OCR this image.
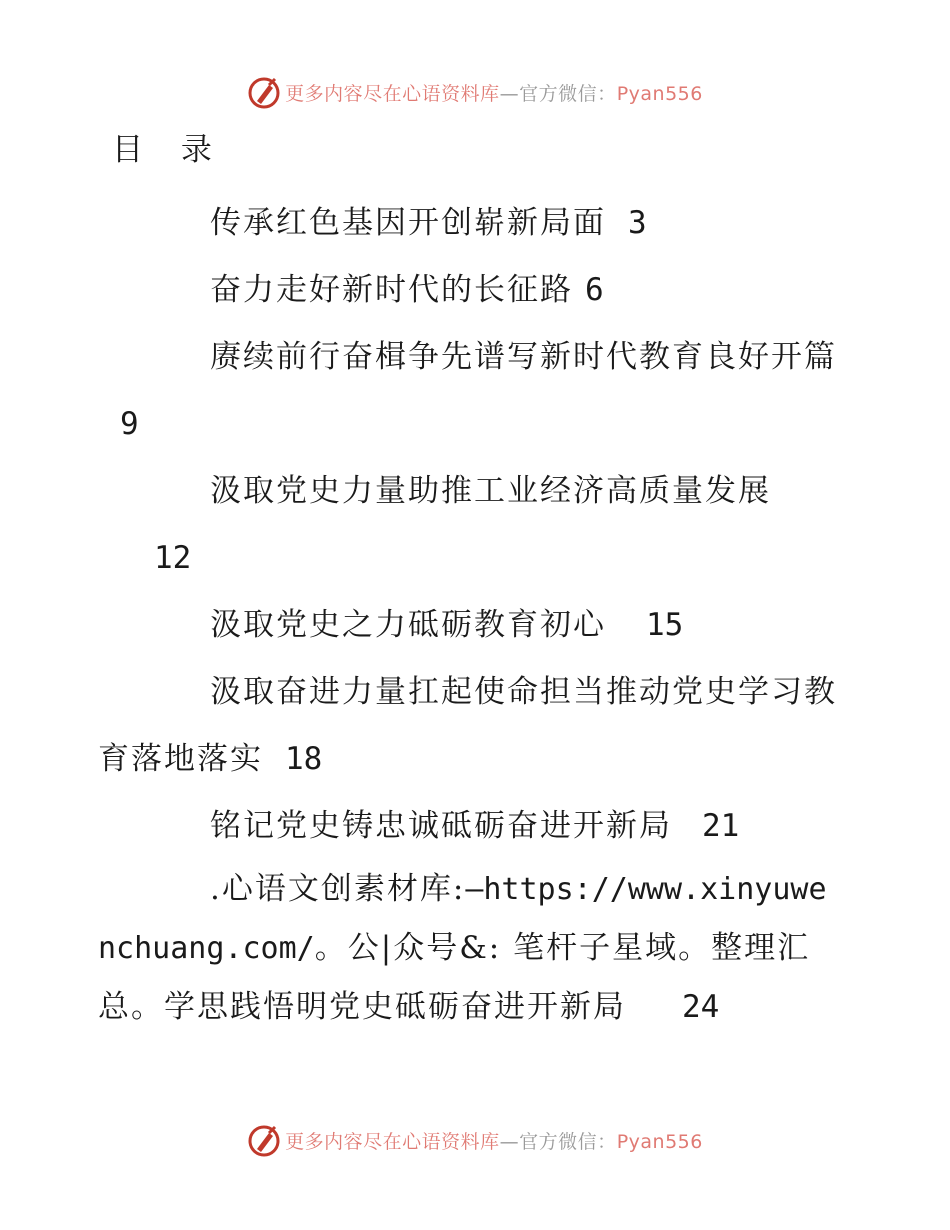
更多内容尽在心语资料库—官方微信：Pyan556
目 录
传承红色基因开创崭新局面 3
奋力走好新时代的长征路 6
赓续前行奋楫争先谱写新时代教育良好开篇9
汲取党史力量助推工业经济高质量发展
12
汲取党史之力砥砺教育初心 15
汲取奋进力量扛起使命担当推动党史学习教育落地落实 18
铭记党史铸忠诚砥砺奋进开新局 21
.心语文创素材库:—https://www.xinyuwenchuang.com/。公|众号&: 笔杆子星域。整理汇总。学思践悟明党史砥砺奋进开新局 24
更多内容尽在心语资料库—官方微信：Pyan556
